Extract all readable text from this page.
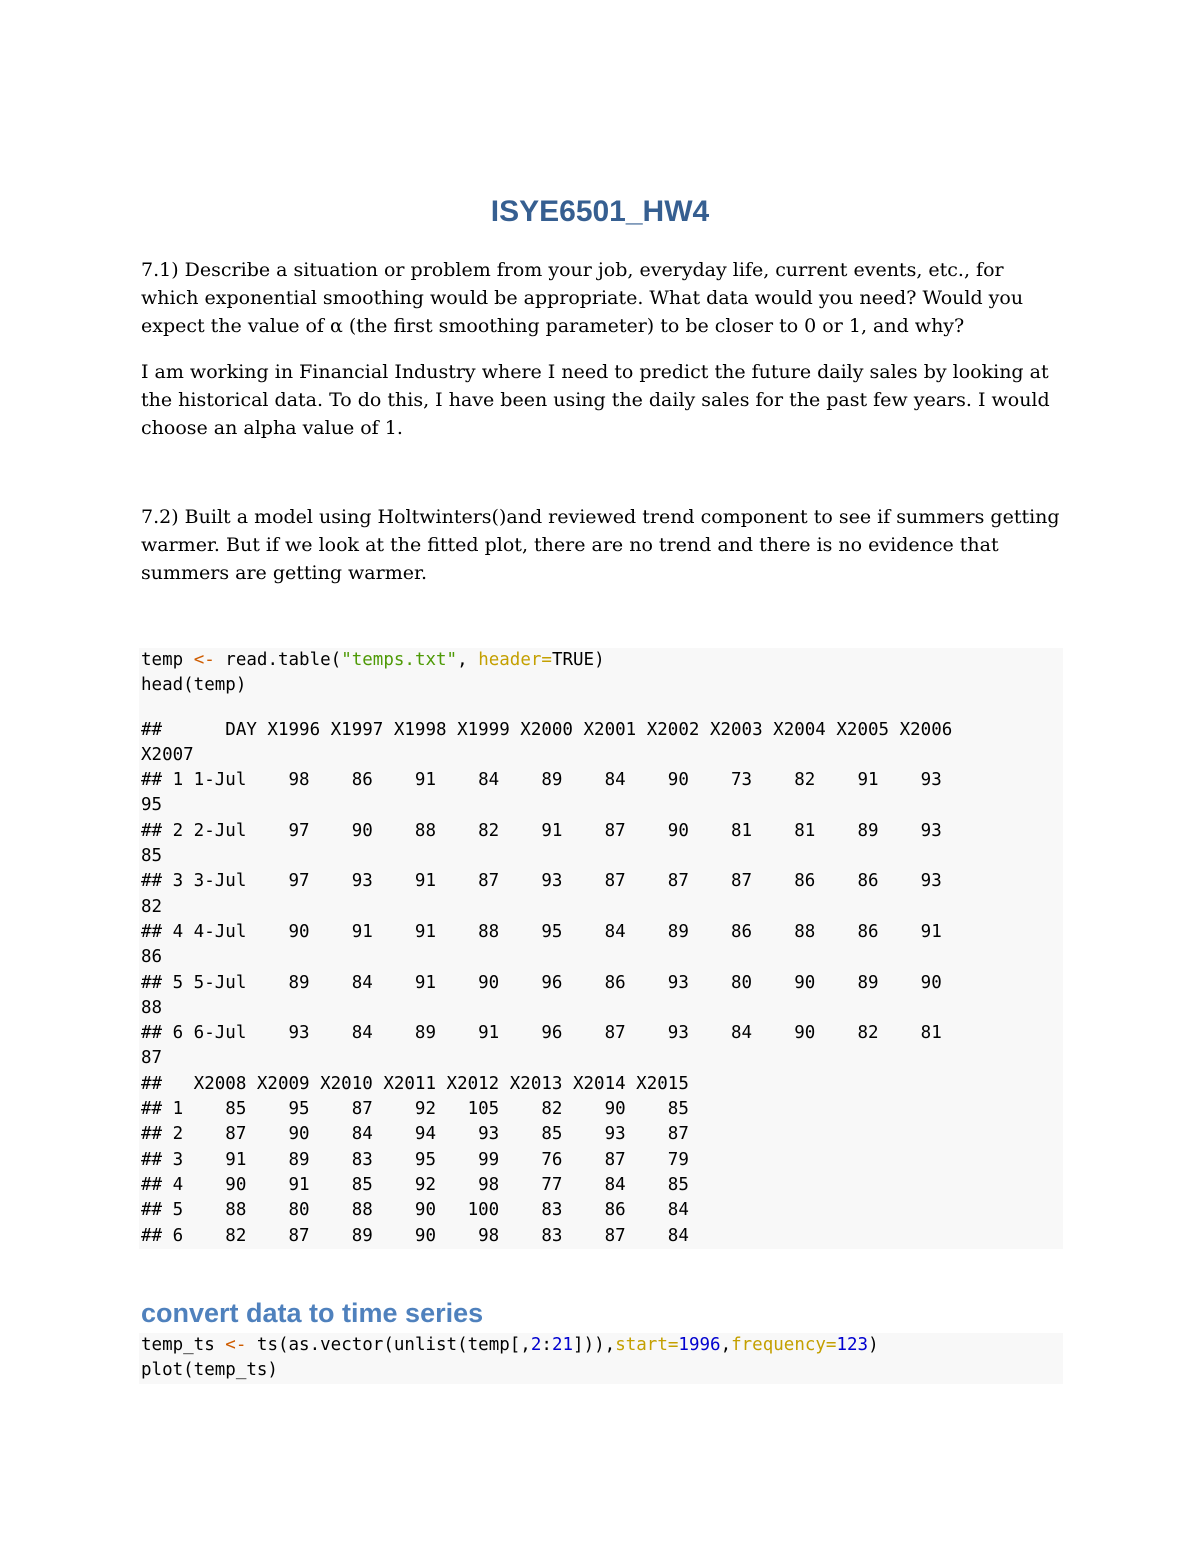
ISYE6501_HW4

7.1) Describe a situation or problem from your job, everyday life, current events, etc., for which exponential smoothing would be appropriate. What data would you need? Would you expect the value of α (the first smoothing parameter) to be closer to 0 or 1, and why?

I am working in Financial Industry where I need to predict the future daily sales by looking at the historical data. To do this, I have been using the daily sales for the past few years. I would choose an alpha value of 1.

7.2) Built a model using Holtwinters()and reviewed trend component to see if summers getting warmer. But if we look at the fitted plot, there are no trend and there is no evidence that summers are getting warmer.

temp <- read.table("temps.txt", header=TRUE)
head(temp)
##      DAY X1996 X1997 X1998 X1999 X2000 X2001 X2002 X2003 X2004 X2005 X2006
X2007
## 1 1-Jul    98    86    91    84    89    84    90    73    82    91    93
95
## 2 2-Jul    97    90    88    82    91    87    90    81    81    89    93
85
## 3 3-Jul    97    93    91    87    93    87    87    87    86    86    93
82
## 4 4-Jul    90    91    91    88    95    84    89    86    88    86    91
86
## 5 5-Jul    89    84    91    90    96    86    93    80    90    89    90
88
## 6 6-Jul    93    84    89    91    96    87    93    84    90    82    81
87
##   X2008 X2009 X2010 X2011 X2012 X2013 X2014 X2015
## 1    85    95    87    92   105    82    90    85
## 2    87    90    84    94    93    85    93    87
## 3    91    89    83    95    99    76    87    79
## 4    90    91    85    92    98    77    84    85
## 5    88    80    88    90   100    83    86    84
## 6    82    87    89    90    98    83    87    84
convert data to time series
temp_ts <- ts(as.vector(unlist(temp[,2:21])),start=1996,frequency=123)
plot(temp_ts)
